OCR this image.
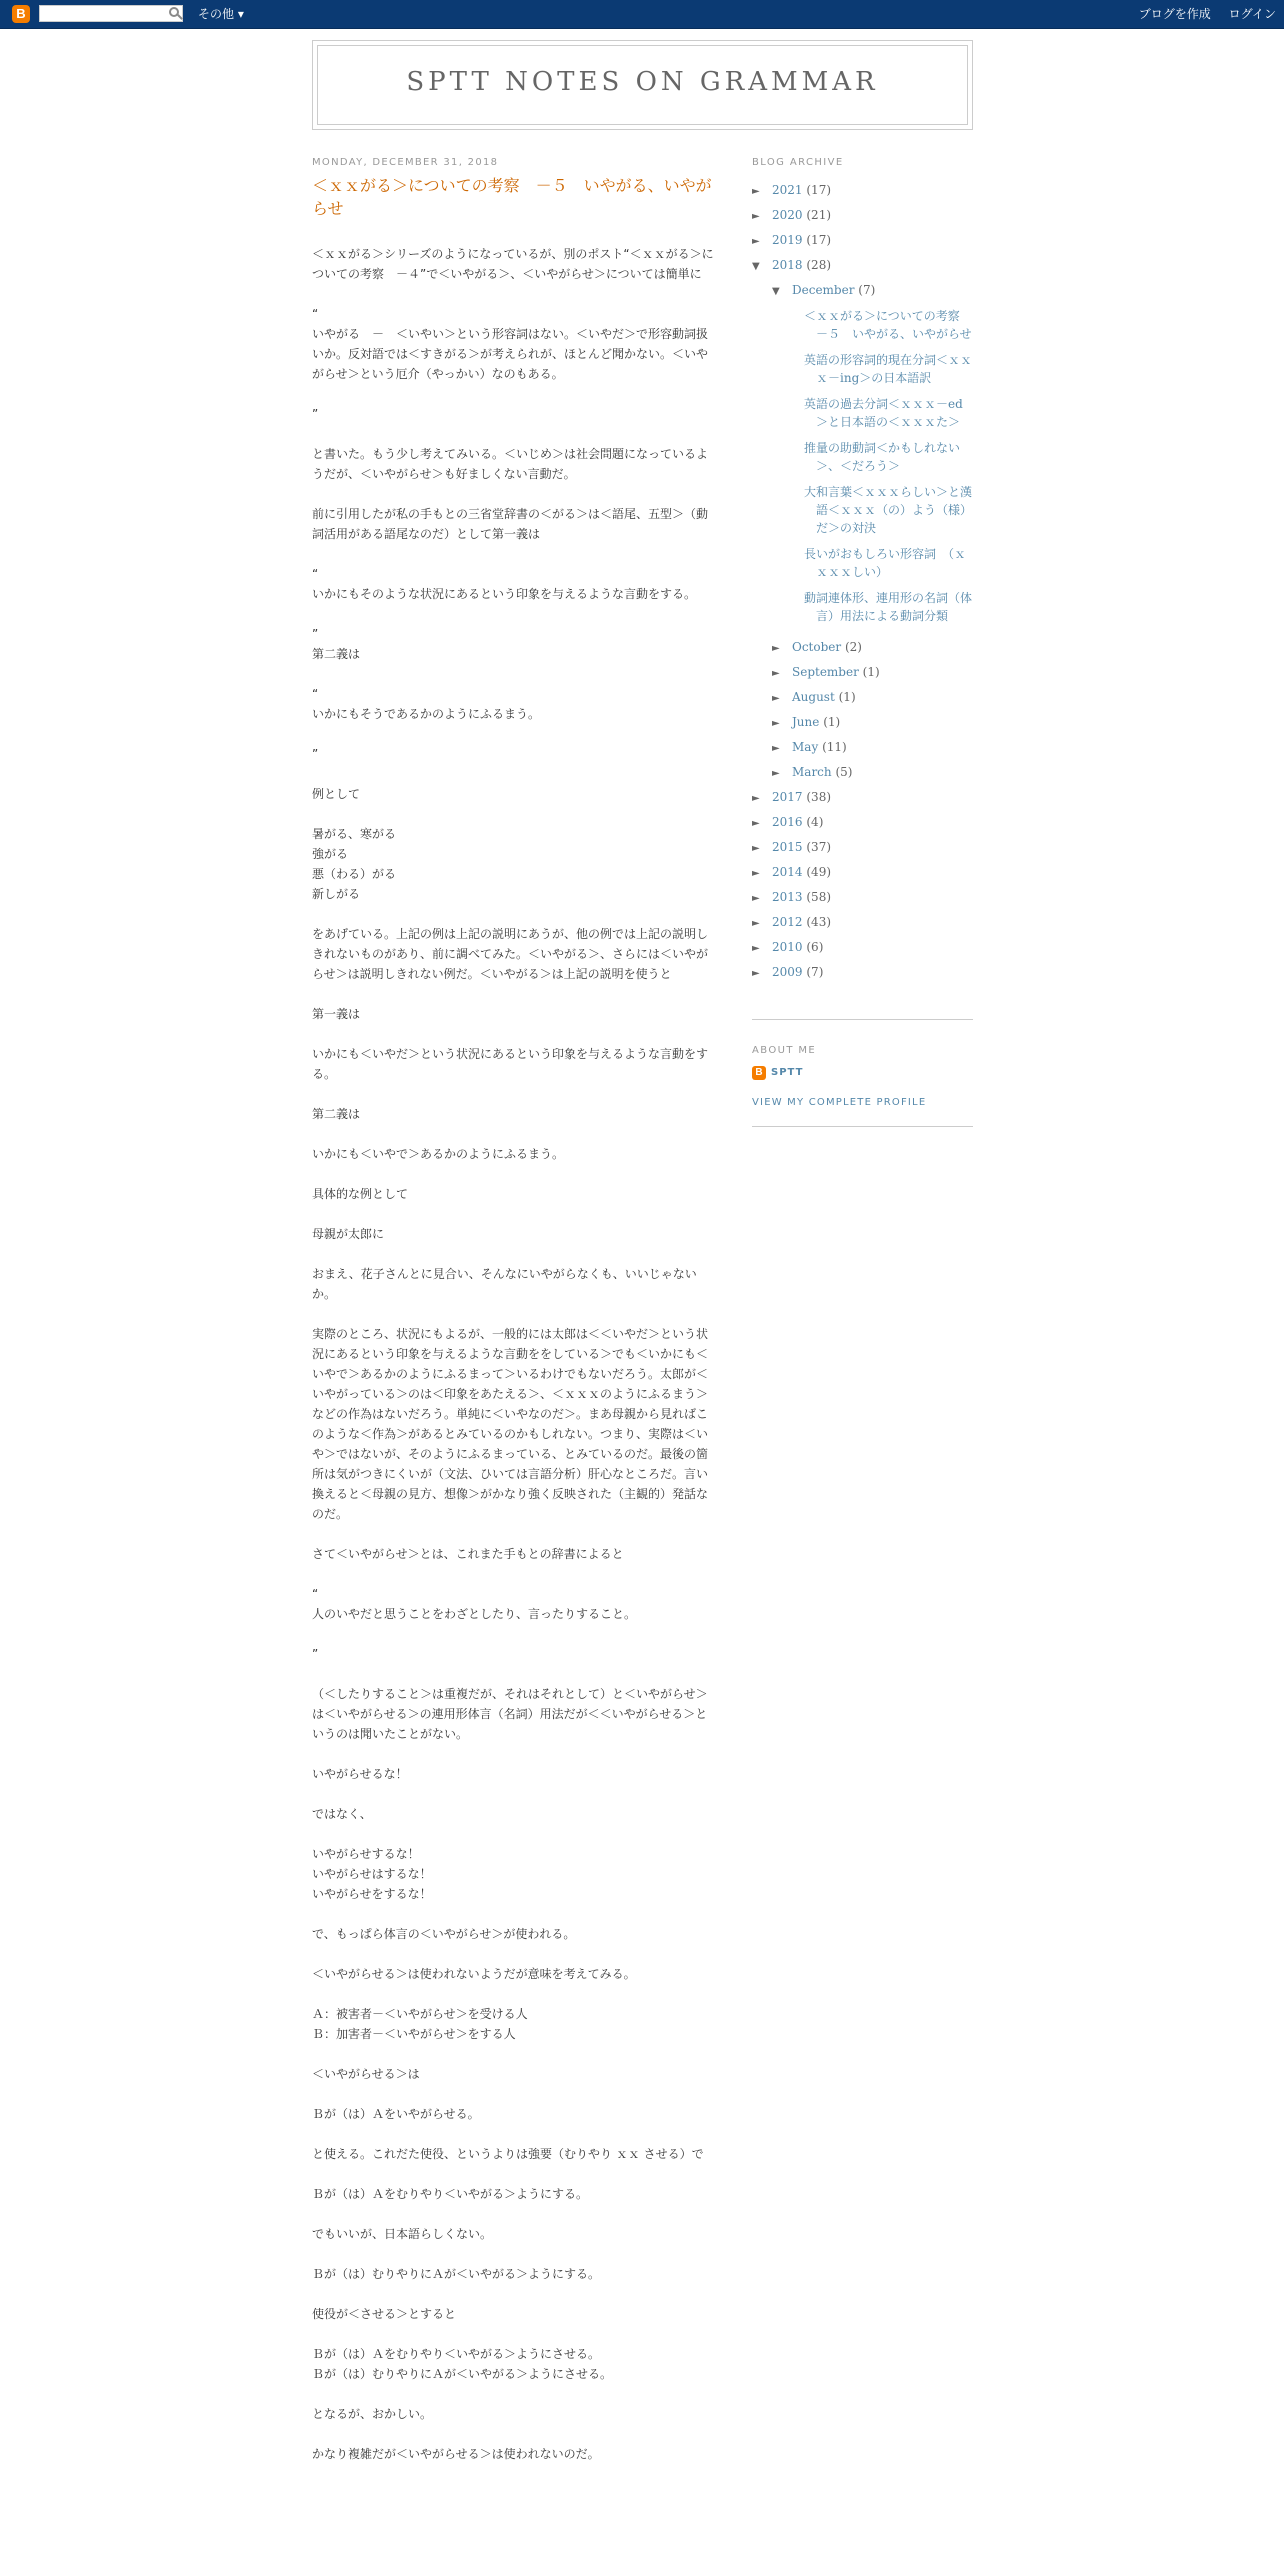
B	その他 ▾	ブログを作成 ログイン
SPTT NOTES ON GRAMMAR
MONDAY, DECEMBER 31, 2018
＜ｘｘがる＞についての考察　－５　いやがる、いやがらせ
＜ｘｘがる＞シリーズのようになっているが、別のポスト“＜ｘｘがる＞についての考察　－４”で＜いやがる＞、＜いやがらせ＞については簡単に
“
いやがる　－　＜いやい＞という形容詞はない。＜いやだ＞で形容動詞扱いか。反対語では＜すきがる＞が考えられが、ほとんど聞かない。＜いやがらせ＞という厄介（やっかい）なのもある。
”
と書いた。もう少し考えてみいる。＜いじめ＞は社会問題になっているようだが、＜いやがらせ＞も好ましくない言動だ。
前に引用したが私の手もとの三省堂辞書の＜がる＞は＜語尾、五型＞（動詞活用がある語尾なのだ）として第一義は
“
いかにもそのような状況にあるという印象を与えるような言動をする。
”
第二義は
“
いかにもそうであるかのようにふるまう。
”
例として
暑がる、寒がる
強がる
悪（わる）がる
新しがる
をあげている。上記の例は上記の説明にあうが、他の例では上記の説明しきれないものがあり、前に調べてみた。＜いやがる＞、さらには＜いやがらせ＞は説明しきれない例だ。＜いやがる＞は上記の説明を使うと
第一義は
いかにも＜いやだ＞という状況にあるという印象を与えるような言動をする。
第二義は
いかにも＜いやで＞あるかのようにふるまう。
具体的な例として
母親が太郎に
おまえ、花子さんとに見合い、そんなにいやがらなくも、いいじゃないか。
実際のところ、状況にもよるが、一般的には太郎は＜＜いやだ＞という状況にあるという印象を与えるような言動ををしている＞でも＜いかにも＜いやで＞あるかのようにふるまって＞いるわけでもないだろう。太郎が＜いやがっている＞のは＜印象をあたえる＞、＜ｘｘｘのようにふるまう＞などの作為はないだろう。単純に＜いやなのだ＞。まあ母親から見ればこのような＜作為＞があるとみているのかもしれない。つまり、実際は＜いや＞ではないが、そのようにふるまっている、とみているのだ。最後の箇所は気がつきにくいが（文法、ひいては言語分析）肝心なところだ。言い換えると＜母親の見方、想像＞がかなり強く反映された（主観的）発話なのだ。
さて＜いやがらせ＞とは、これまた手もとの辞書によると
“
人のいやだと思うことをわざとしたり、言ったりすること。
”
（＜したりすること＞は重複だが、それはそれとして）と＜いやがらせ＞は＜いやがらせる＞の連用形体言（名詞）用法だが＜＜いやがらせる＞というのは聞いたことがない。
いやがらせるな！
ではなく、
いやがらせするな！
いやがらせはするな！
いやがらせをするな！
で、もっぱら体言の＜いやがらせ＞が使われる。
＜いやがらせる＞は使われないようだが意味を考えてみる。
Ａ：被害者－＜いやがらせ＞を受ける人
Ｂ：加害者－＜いやがらせ＞をする人
＜いやがらせる＞は
Ｂが（は）Ａをいやがらせる。
と使える。これだた使役、というよりは強要（むりやり ｘｘ させる）で
Ｂが（は）Ａをむりやり＜いやがる＞ようにする。
でもいいが、日本語らしくない。
Ｂが（は）むりやりにＡが＜いやがる＞ようにする。
使役が＜させる＞とすると
Ｂが（は）Ａをむりやり＜いやがる＞ようにさせる。
Ｂが（は）むりやりにＡが＜いやがる＞ようにさせる。
となるが、おかしい。
かなり複雑だが＜いやがらせる＞は使われないのだ。
BLOG ARCHIVE
► 2021 (17)
► 2020 (21)
► 2019 (17)
▼ 2018 (28)
▼ December (7)
＜ｘｘがる＞についての考察　－５　いやがる、いやがらせ
英語の形容詞的現在分詞＜ｘｘｘ－ing＞の日本語訳
英語の過去分詞＜ｘｘｘ－ed＞と日本語の＜ｘｘｘた＞
推量の助動詞＜かもしれない＞、＜だろう＞
大和言葉＜ｘｘｘらしい＞と漢語＜ｘｘｘ（の）よう（様）だ＞の対決
長いがおもしろい形容詞　（ｘｘｘｘしい）
動詞連体形、連用形の名詞（体言）用法による動詞分類
► October (2)
► September (1)
► August (1)
► June (1)
► May (11)
► March (5)
► 2017 (38)
► 2016 (4)
► 2015 (37)
► 2014 (49)
► 2013 (58)
► 2012 (43)
► 2010 (6)
► 2009 (7)
ABOUT ME
B SPTT
VIEW MY COMPLETE PROFILE
